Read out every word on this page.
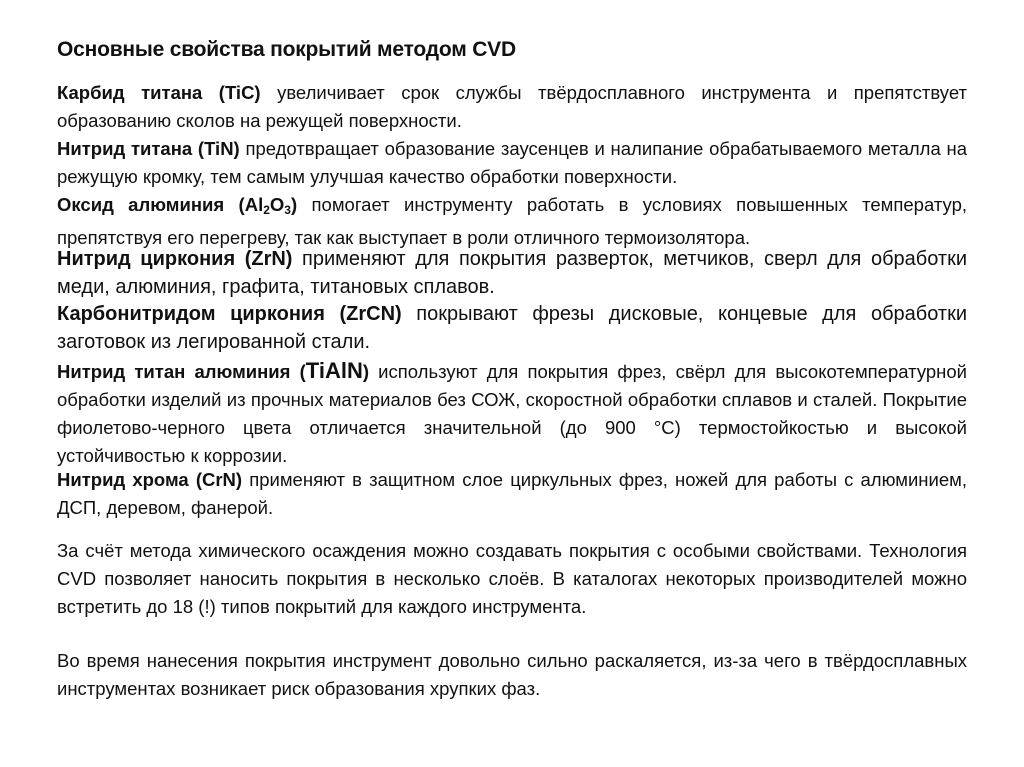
Основные свойства покрытий методом CVD
Карбид титана (TiC) увеличивает срок службы твёрдосплавного инструмента и препятствует образованию сколов на режущей поверхности.
Нитрид титана (TiN) предотвращает образование заусенцев и налипание обрабатываемого металла на режущую кромку, тем самым улучшая качество обработки поверхности.
Оксид алюминия $(Al_2O_3)$ помогает инструменту работать в условиях повышенных температур, препятствуя его перегреву, так как выступает в роли отличного термоизолятора.
Нитрид циркония (ZrN) применяют для покрытия разверток, метчиков, сверл для обработки меди, алюминия, графита, титановых сплавов.
Карбонитридом циркония (ZrCN) покрывают фрезы дисковые, концевые для обработки заготовок из легированной стали.
Нитрид титан алюминия (TiAlN) используют для покрытия фрез, свёрл для высокотемпературной обработки изделий из прочных материалов без СОЖ, скоростной обработки сплавов и сталей. Покрытие фиолетово-черного цвета отличается значительной (до 900 °C) термостойкостью и высокой устойчивостью к коррозии.
Нитрид хрома (CrN) применяют в защитном слое циркульных фрез, ножей для работы с алюминием, ДСП, деревом, фанерой.
За счёт метода химического осаждения можно создавать покрытия с особыми свойствами. Технология CVD позволяет наносить покрытия в несколько слоёв. В каталогах некоторых производителей можно встретить до 18 (!) типов покрытий для каждого инструмента.
Во время нанесения покрытия инструмент довольно сильно раскаляется, из-за чего в твёрдосплавных инструментах возникает риск образования хрупких фаз.
